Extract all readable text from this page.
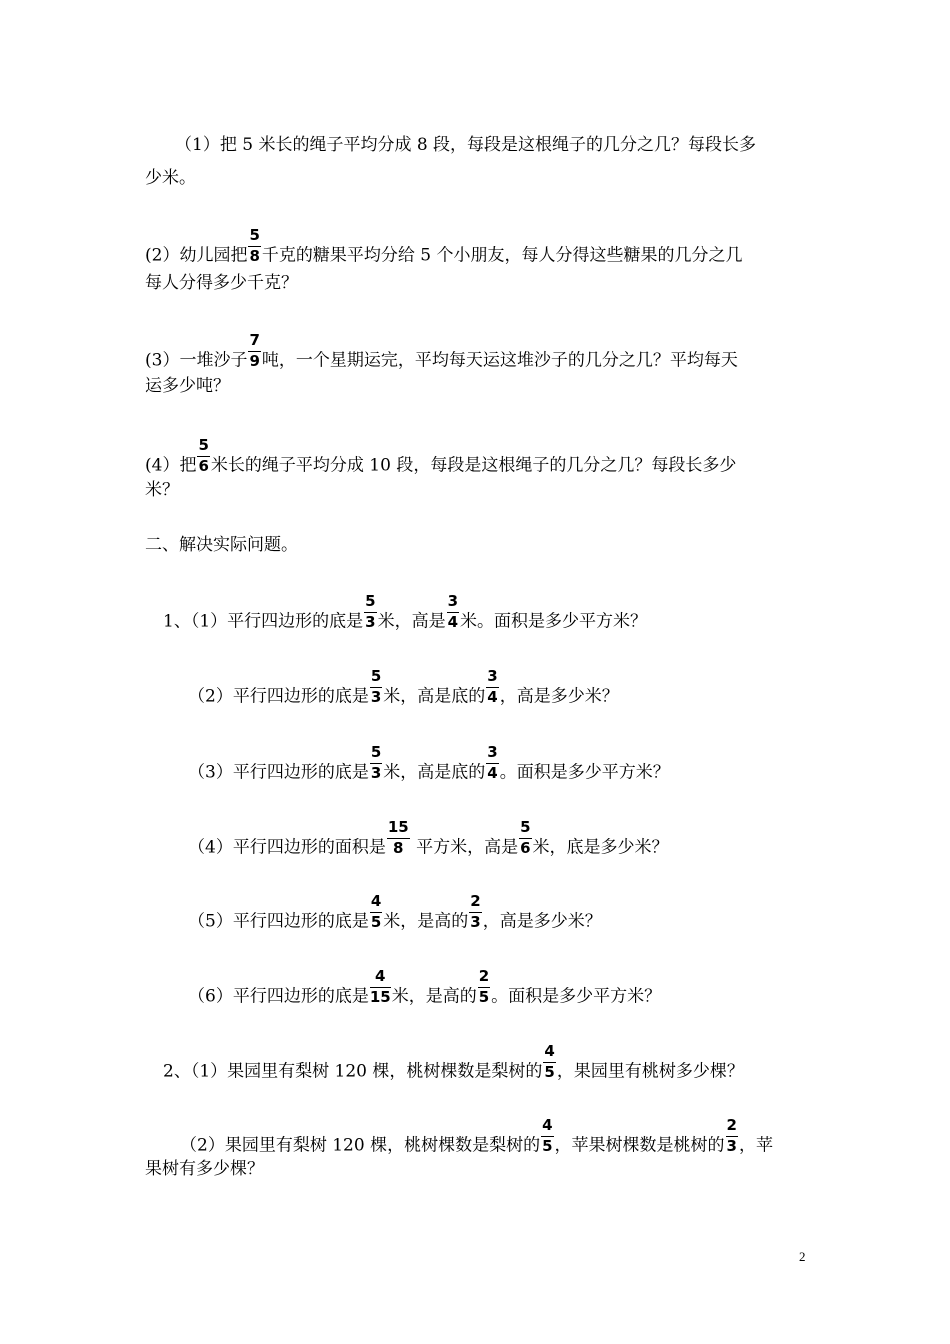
（1）把 5 米长的绳子平均分成 8 段，每段是这根绳子的几分之几？每段长多
少米。
(2）幼儿园把 $\frac{5}{8}$ 千克的糖果平均分给 5 个小朋友，每人分得这些糖果的几分之几
每人分得多少千克？
(3）一堆沙子 $\frac{7}{9}$ 吨，一个星期运完，平均每天运这堆沙子的几分之几？平均每天
运多少吨？
(4）把 $\frac{5}{6}$ 米长的绳子平均分成 10 段，每段是这根绳子的几分之几？每段长多少
米？
二、解决实际问题。
1、（1）平行四边形的底是 $\frac{5}{3}$ 米，高是 $\frac{3}{4}$ 米。面积是多少平方米？
（2）平行四边形的底是 $\frac{5}{3}$ 米，高是底的 $\frac{3}{4}$ ，高是多少米？
（3）平行四边形的底是 $\frac{5}{3}$ 米，高是底的 $\frac{3}{4}$ 。面积是多少平方米？
（4）平行四边形的面积是 $\frac{15}{8}$ 平方米，高是 $\frac{5}{6}$ 米，底是多少米？
（5）平行四边形的底是 $\frac{4}{5}$ 米，是高的 $\frac{2}{3}$ ，高是多少米？
（6）平行四边形的底是 $\frac{4}{15}$ 米，是高的 $\frac{2}{5}$ 。面积是多少平方米？
2、（1）果园里有梨树 120 棵，桃树棵数是梨树的 $\frac{4}{5}$ ，果园里有桃树多少棵？
（2）果园里有梨树 120 棵，桃树棵数是梨树的 $\frac{4}{5}$ ，苹果树棵数是桃树的 $\frac{2}{3}$ ，苹
果树有多少棵？
2
